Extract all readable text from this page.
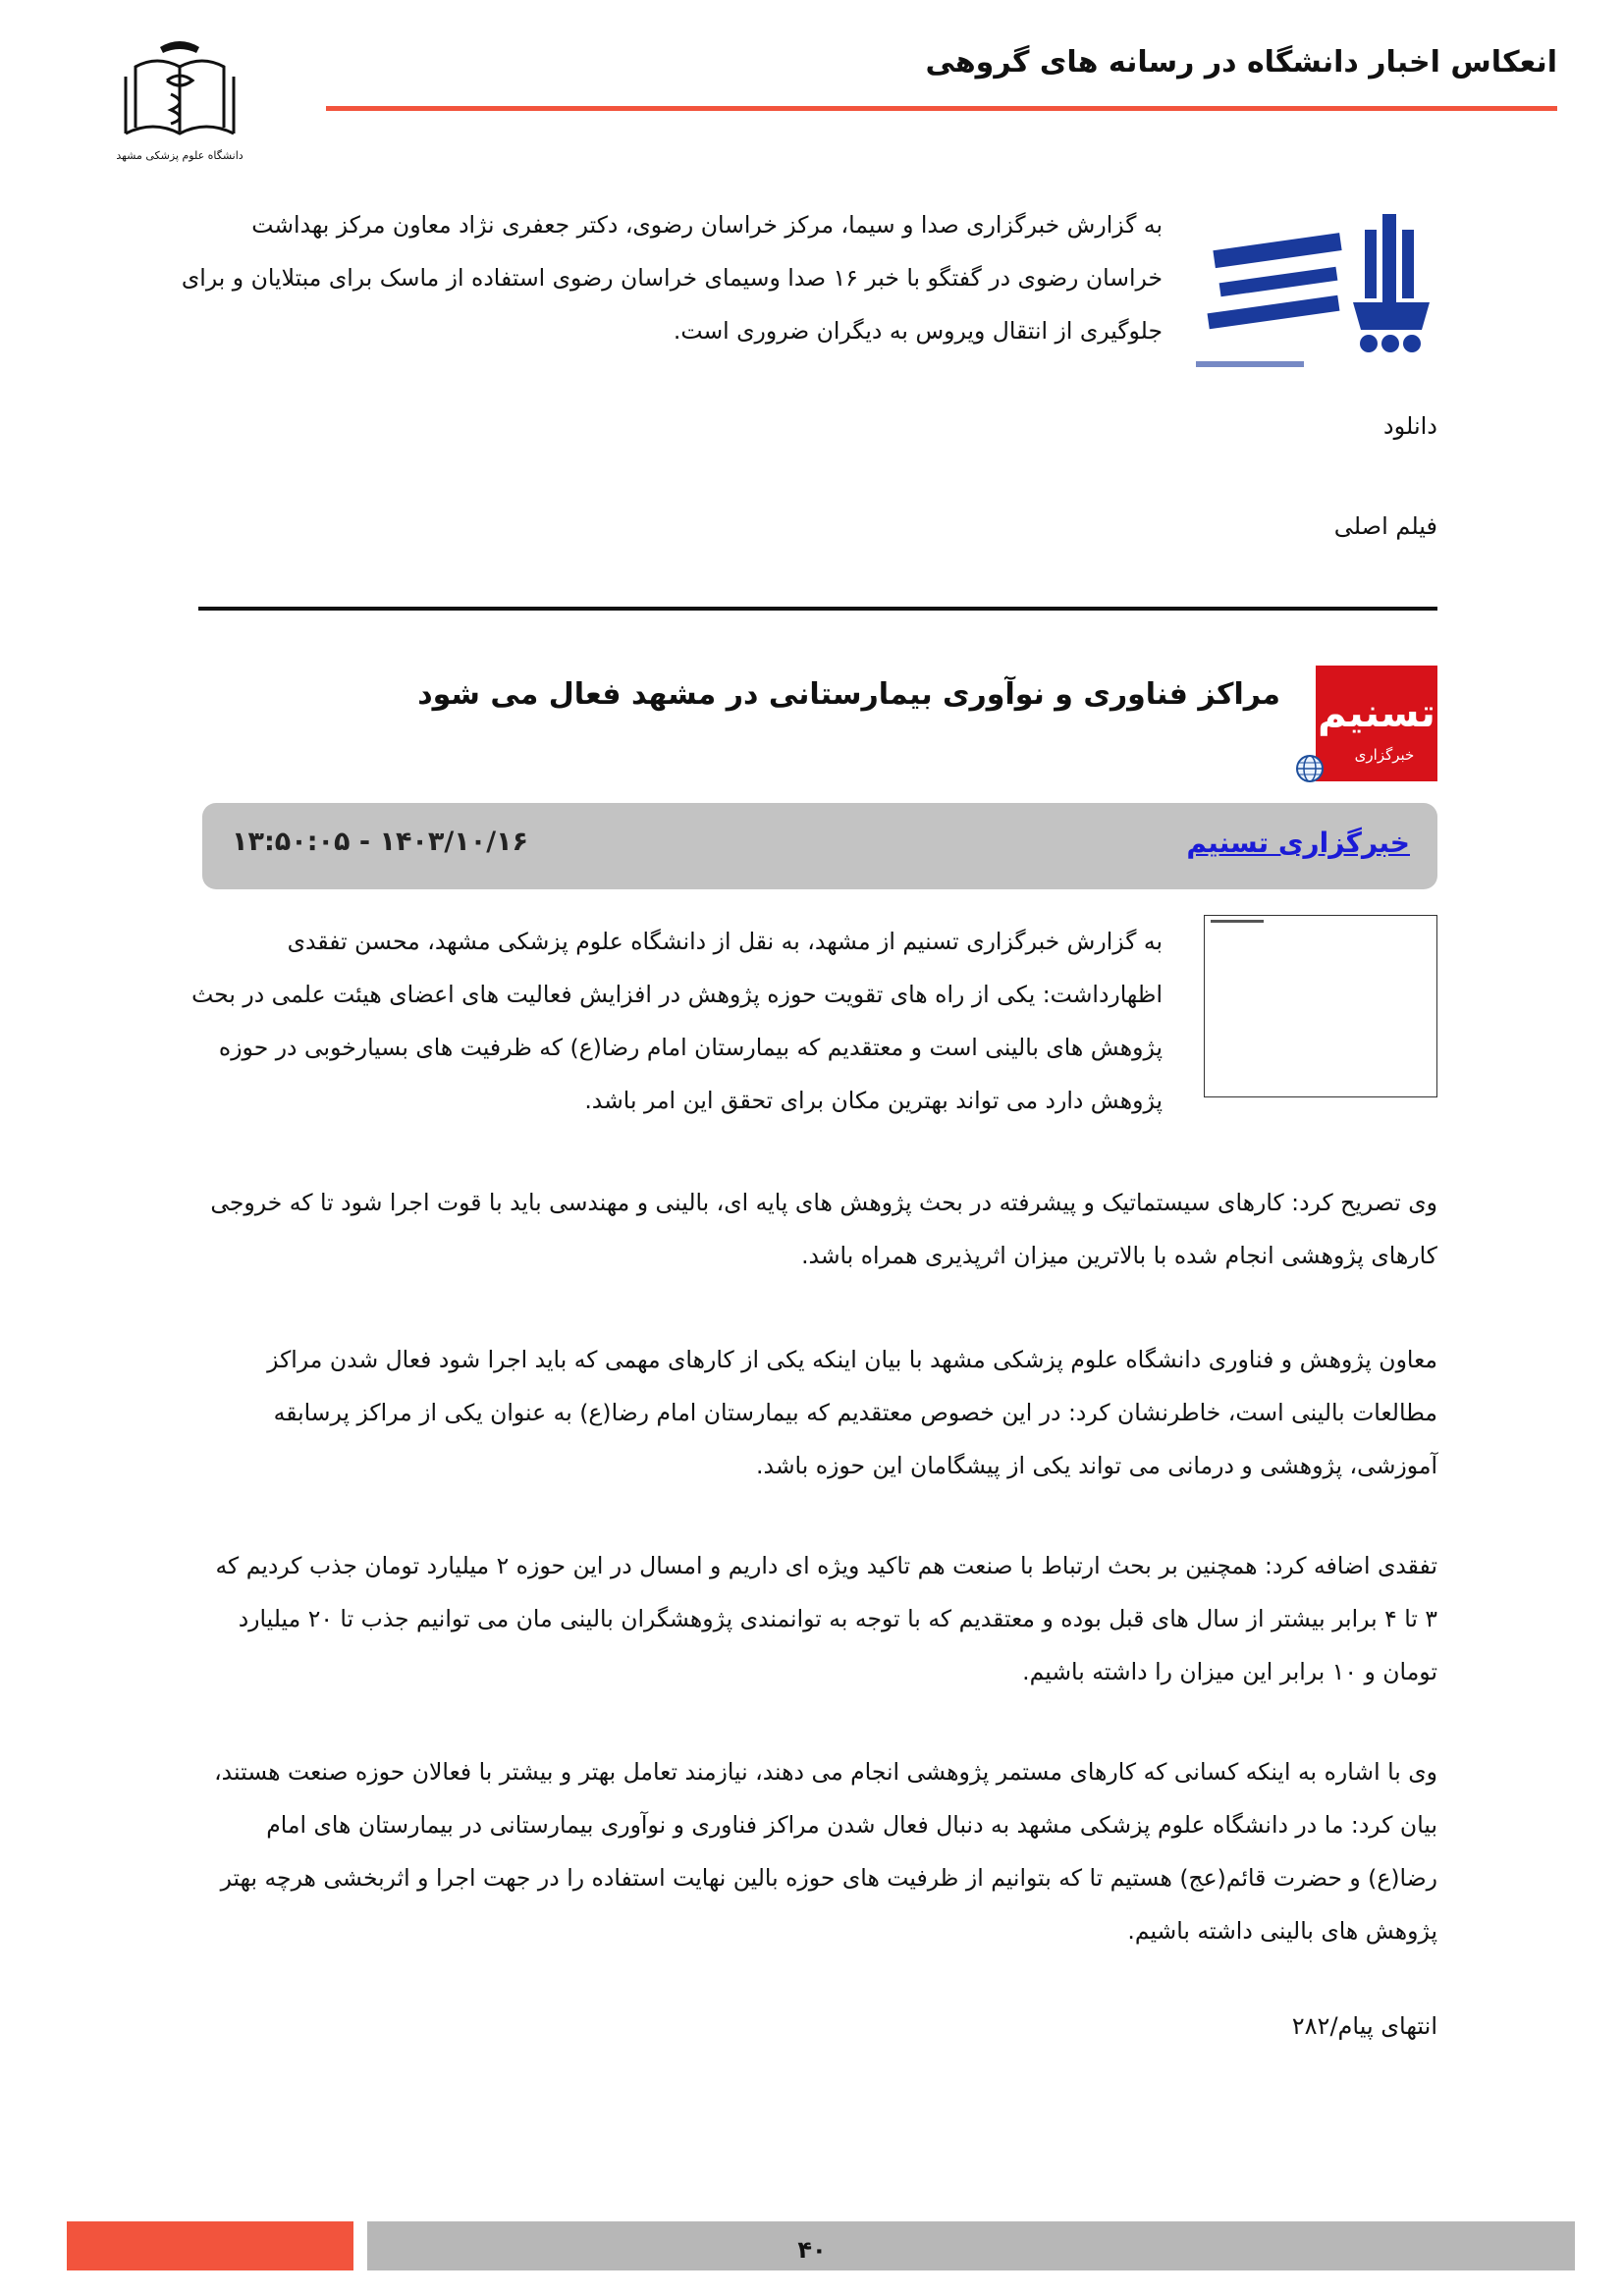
انعکاس اخبار دانشگاه در رسانه های گروهی
دانشگاه علوم پزشکی مشهد
خبرگزاری صدا و سیما
به گزارش خبرگزاری صدا و سیما، مرکز خراسان رضوی، دکتر جعفری نژاد معاون مرکز بهداشت خراسان رضوی در گفتگو با خبر ۱۶ صدا وسیمای خراسان رضوی استفاده از ماسک برای مبتلایان و برای جلوگیری از انتقال ویروس به دیگران ضروری است.
دانلود
فیلم اصلی
تسنیم
خبرگزاری
مراکز فناوری و نوآوری بیمارستانی در مشهد فعال می شود
خبرگزاری تسنیم
۱۳:۵۰:۰۵ - ۱۴۰۳/۱۰/۱۶
به گزارش خبرگزاری تسنیم از مشهد، به نقل از دانشگاه علوم پزشکی مشهد، محسن تفقدی اظهارداشت: یکی از راه های تقویت حوزه پژوهش در افزایش فعالیت های اعضای هیئت علمی در بحث پژوهش های بالینی است و معتقدیم که بیمارستان امام رضا(ع) که ظرفیت های بسیارخوبی در حوزه پژوهش دارد می تواند بهترین مکان برای تحقق این امر باشد.
وی تصریح کرد: کارهای سیستماتیک و پیشرفته در بحث پژوهش های پایه ای، بالینی و مهندسی باید با قوت اجرا شود تا که خروجی کارهای پژوهشی انجام شده با بالاترین میزان اثرپذیری همراه باشد.
معاون پژوهش و فناوری دانشگاه علوم پزشکی مشهد با بیان اینکه یکی از کارهای مهمی که باید اجرا شود فعال شدن مراکز مطالعات بالینی است، خاطرنشان کرد: در این خصوص معتقدیم که بیمارستان امام رضا(ع) به عنوان یکی از مراکز پرسابقه آموزشی، پژوهشی و درمانی می تواند یکی از پیشگامان این حوزه باشد.
تفقدی اضافه کرد: همچنین بر بحث ارتباط با صنعت هم تاکید ویژه ای داریم و امسال در این حوزه ۲ میلیارد تومان جذب کردیم که ۳ تا ۴ برابر بیشتر از سال های قبل بوده و معتقدیم که با توجه به توانمندی پژوهشگران بالینی مان می توانیم جذب تا ۲۰ میلیارد تومان و ۱۰ برابر این میزان را داشته باشیم.
وی با اشاره به اینکه کسانی که کارهای مستمر پژوهشی انجام می دهند، نیازمند تعامل بهتر و بیشتر با فعالان حوزه صنعت هستند، بیان کرد: ما در دانشگاه علوم پزشکی مشهد به دنبال فعال شدن مراکز فناوری و نوآوری بیمارستانی در بیمارستان های امام رضا(ع) و حضرت قائم(عج) هستیم تا که بتوانیم از ظرفیت های حوزه بالین نهایت استفاده را در جهت اجرا و اثربخشی هرچه بهتر پژوهش های بالینی داشته باشیم.
انتهای پیام/۲۸۲
۴۰
